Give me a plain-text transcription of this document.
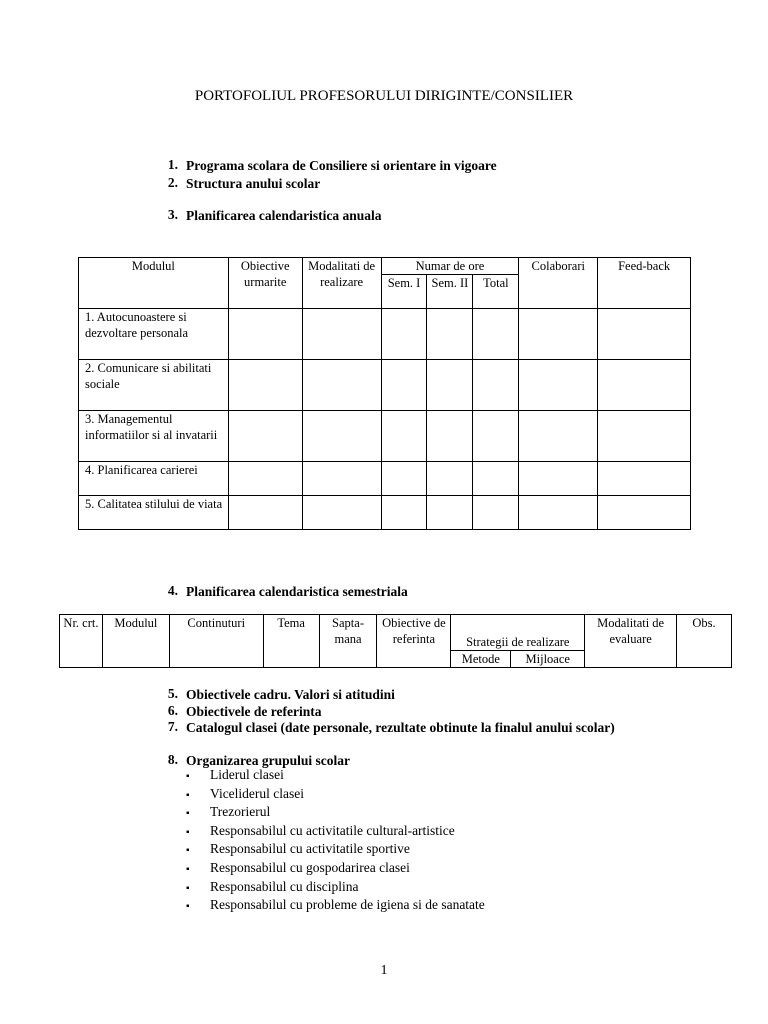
PORTOFOLIUL PROFESORULUI DIRIGINTE/CONSILIER
1. Programa scolara de Consiliere si orientare in vigoare
2. Structura anului scolar
3. Planificarea calendaristica anuala
Modulul	Obiective urmarite	Modalitati de realizare	Numar de ore			Colaborari	Feed-back
			Sem. I	Sem. II	Total		
1. Autocunoastere si dezvoltare personala							
2. Comunicare si abilitati sociale							
3. Managementul informatiilor si al invatarii							
4. Planificarea carierei							
5. Calitatea stilului de viata							
4. Planificarea calendaristica semestriala
Nr. crt.	Modulul	Continuturi	Tema	Sapta- mana	Obiective de referinta	Strategii de realizare		Modalitati de evaluare	Obs.
						Metode	Mijloace		
5. Obiectivele cadru. Valori si atitudini
6. Obiectivele de referinta
7. Catalogul clasei (date personale, rezultate obtinute la finalul anului scolar)
8. Organizarea grupului scolar
▪	Liderul clasei
▪	Viceliderul clasei
▪	Trezorierul
▪	Responsabilul cu activitatile cultural-artistice
▪	Responsabilul cu activitatile sportive
▪	Responsabilul cu gospodarirea clasei
▪	Responsabilul cu disciplina
▪	Responsabilul cu probleme de igiena si de sanatate
1
